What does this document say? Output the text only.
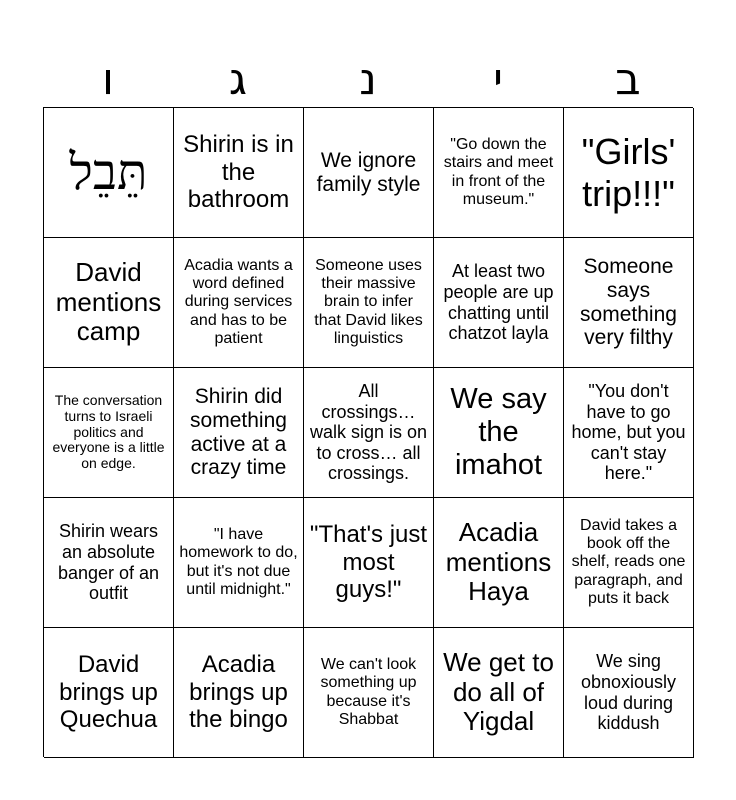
ו	ג	נ	י	ב
תֵּבֵל Shirin is in the bathroom
We ignore family style
"Go down the stairs and meet in front of the museum."
"Girls' trip!!!"
David mentions camp
Acadia wants a word defined during services and has to be patient
Someone uses their massive brain to infer that David likes linguistics
At least two people are up chatting until chatzot layla
Someone says something very filthy
The conversation turns to Israeli politics and everyone is a little on edge.
Shirin did something active at a crazy time
All crossings… walk sign is on to cross… all crossings.
We say the imahot
"You don't have to go home, but you can't stay here."
Shirin wears an absolute banger of an outfit
"I have homework to do, but it's not due until midnight."
"That's just most guys!"
Acadia mentions Haya
David takes a book off the shelf, reads one paragraph, and puts it back
David brings up Quechua
Acadia brings up the bingo
We can't look something up because it's Shabbat
We get to do all of Yigdal
We sing obnoxiously loud during kiddush
